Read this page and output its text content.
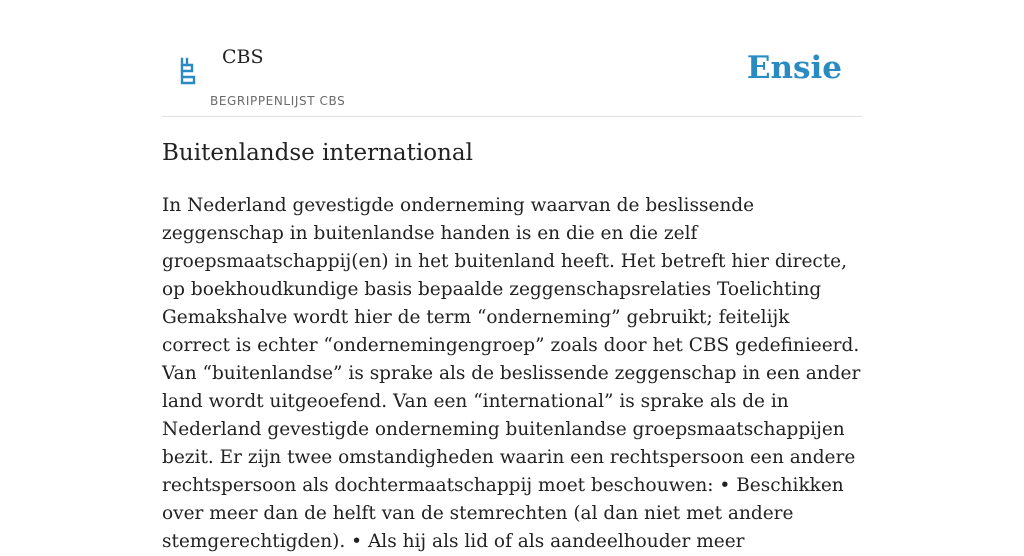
CBS
BEGRIPPENLIJST CBS
Ensie
Buitenlandse international

In Nederland gevestigde onderneming waarvan de beslissende zeggenschap in buitenlandse handen is en die en die zelf groepsmaatschappij(en) in het buitenland heeft. Het betreft hier directe, op boekhoudkundige basis bepaalde zeggenschapsrelaties Toelichting Gemakshalve wordt hier de term “onderneming” gebruikt; feitelijk correct is echter “ondernemingengroep” zoals door het CBS gedefinieerd. Van “buitenlandse” is sprake als de beslissende zeggenschap in een ander land wordt uitgeoefend. Van een “international” is sprake als de in Nederland gevestigde onderneming buitenlandse groepsmaatschappijen bezit. Er zijn twee omstandigheden waarin een rechtspersoon een andere rechtspersoon als dochtermaatschappij moet beschouwen: • Beschikken over meer dan de helft van de stemrechten (al dan niet met andere stemgerechtigden). • Als hij als lid of als aandeelhouder meer
